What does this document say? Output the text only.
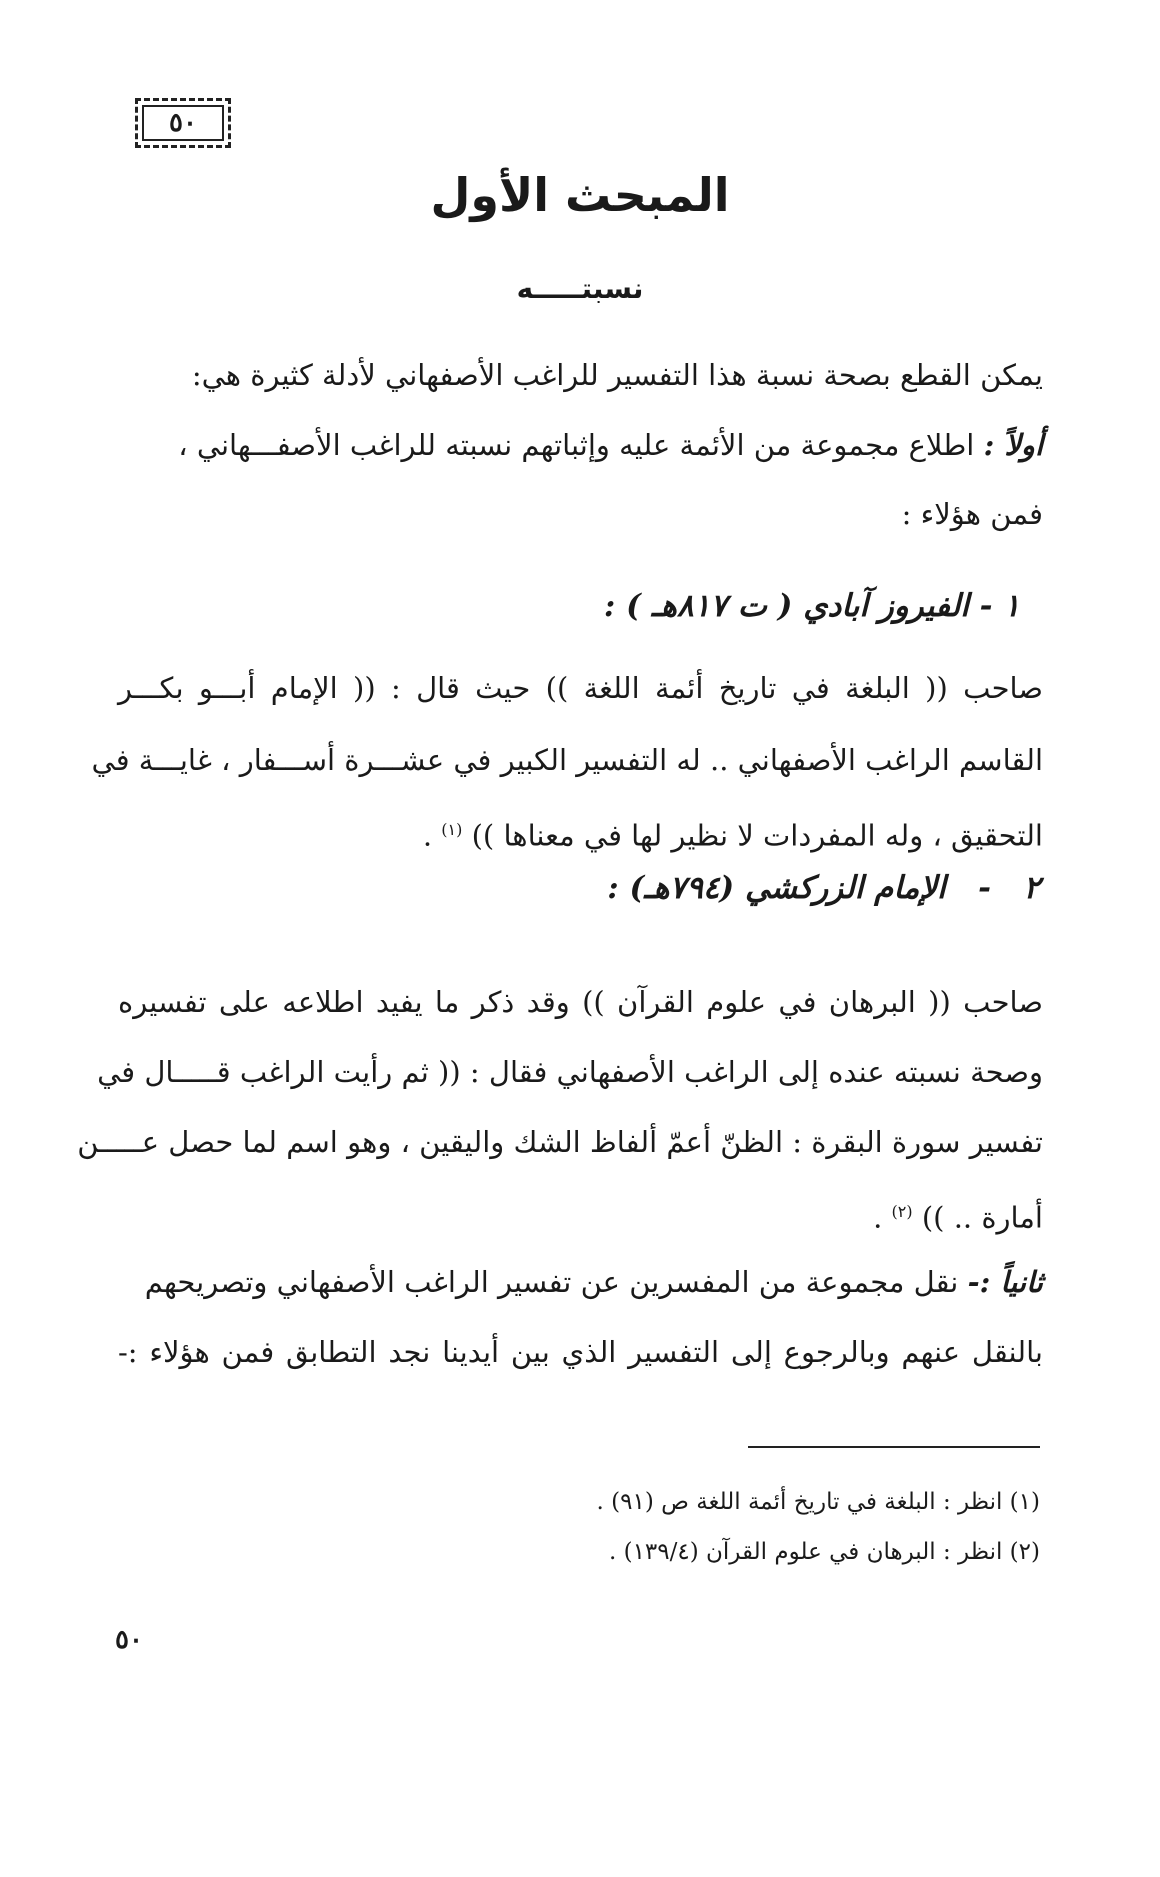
٥٠
المبحث الأول
نسبتـــــه
يمكن القطع بصحة نسبة هذا التفسير للراغب الأصفهاني لأدلة كثيرة هي:
أولاً : اطلاع مجموعة من الأئمة عليه وإثباتهم نسبته للراغب الأصفـــهاني ،
فمن هؤلاء :
١ - الفيروز آبادي ( ت ٨١٧هـ ) :
صاحب (( البلغة في تاريخ أئمة اللغة )) حيث قال : (( الإمام أبـــو بكـــر
القاسم الراغب الأصفهاني .. له التفسير الكبير في عشـــرة أســـفار ، غايـــة في
التحقيق ، وله المفردات لا نظير لها في معناها )) $^{(١)}$ .
٢   -   الإمام الزركشي (٧٩٤هـ) :
صاحب (( البرهان في علوم القرآن )) وقد ذكر ما يفيد اطلاعه على تفسيره
وصحة نسبته عنده إلى الراغب الأصفهاني فقال : (( ثم رأيت الراغب قـــــال في
تفسير سورة البقرة : الظنّ أعمّ ألفاظ الشك واليقين ، وهو اسم لما حصل عـــــن
أمارة .. )) $^{(٢)}$ .
ثانياً :- نقل مجموعة من المفسرين عن تفسير الراغب الأصفهاني وتصريحهم
بالنقل عنهم وبالرجوع إلى التفسير الذي بين أيدينا نجد التطابق فمن هؤلاء :-
(١) انظر : البلغة في تاريخ أئمة اللغة ص (٩١) .
(٢) انظر : البرهان في علوم القرآن (١٣٩/٤) .
٥٠
